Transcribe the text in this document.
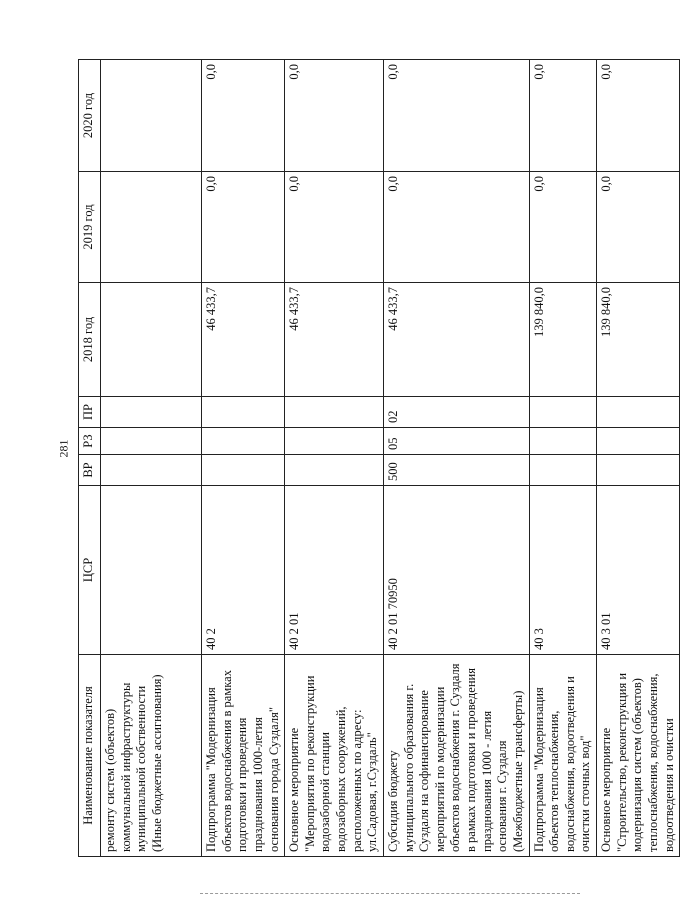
281
Наименование показателя	ЦСР	ВР	РЗ	ПР	2018 год	2019 год	2020 год
ремонту систем (объектов) коммунальной инфраструктуры муниципальной собственности (Иные бюджетные ассигнования)							
Подпрограмма "Модернизация объектов водоснабжения в рамках подготовки и проведения празднования 1000-летия основания города Суздаля"	40 2				46 433,7	0,0	0,0
Основное мероприятие "Мероприятия по реконструкции водозаборной станции водозаборных сооружений, расположенных по адресу: ул.Садовая, г.Суздаль"	40 2 01				46 433,7	0,0	0,0
Субсидия бюджету муниципального образования г. Суздаля на софинансирование мероприятий по модернизации объектов водоснабжения г. Суздаля в рамках подготовки и проведения празднования 1000 - летия основания г. Суздаля (Межбюджетные трансферты)	40 2 01 70950	500	05	02	46 433,7	0,0	0,0
Подпрограмма "Модернизация объектов теплоснабжения, водоснабжения, водоотведения и очистки сточных вод"	40 3				139 840,0	0,0	0,0
Основное мероприятие "Строительство, реконструкция и модернизация систем (объектов) теплоснабжения, водоснабжения, водоотведения и очистки	40 3 01				139 840,0	0,0	0,0
